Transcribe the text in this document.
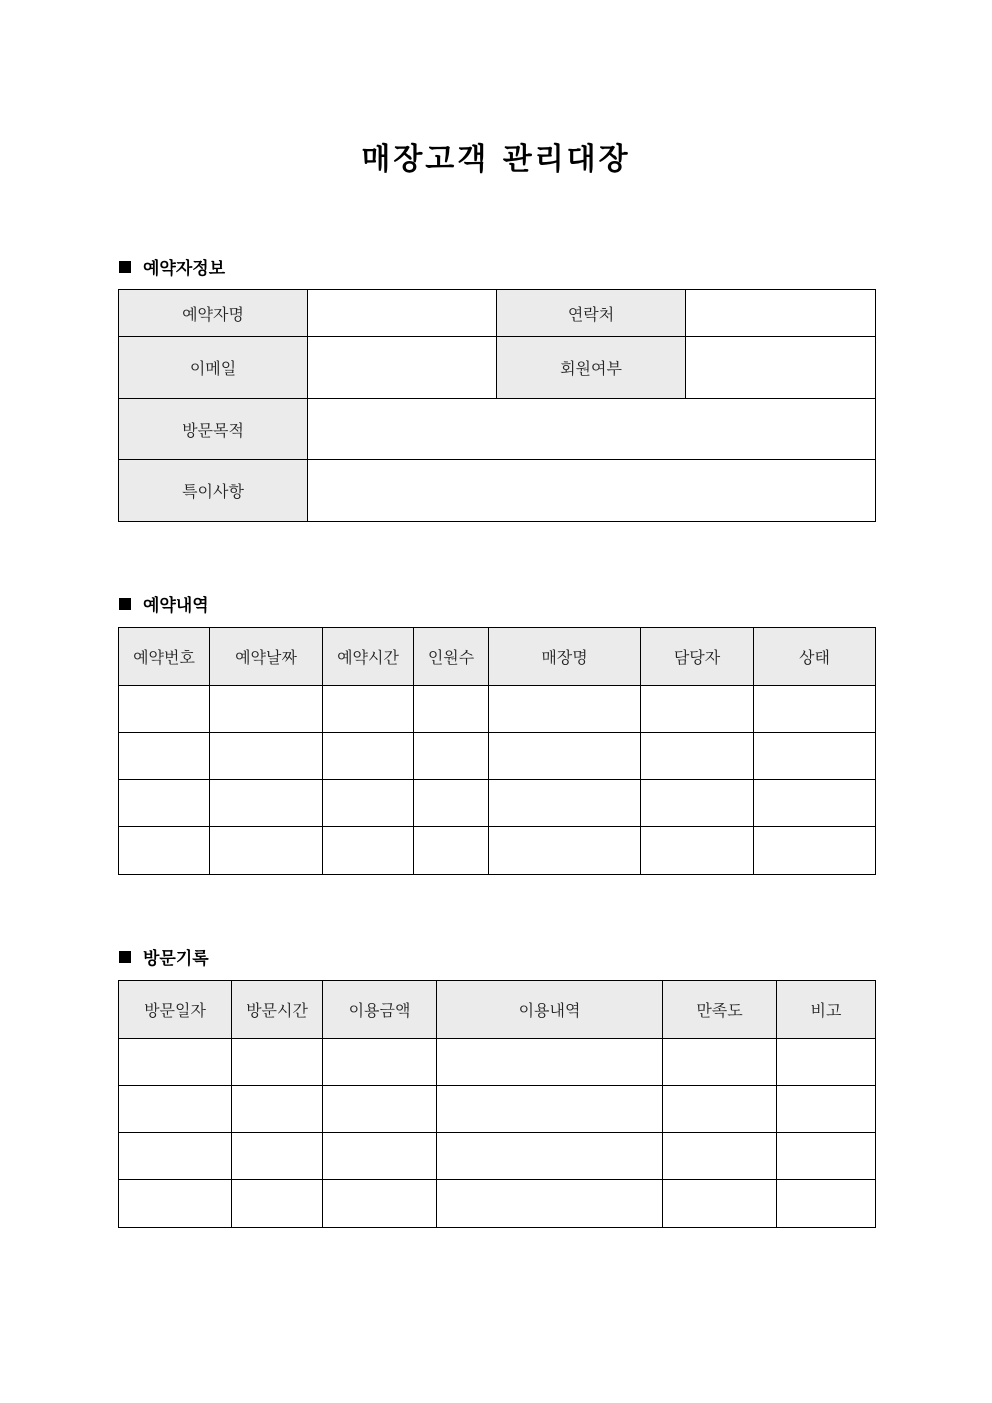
매장고객 관리대장
예약자정보
예약자명		연락처	
이메일		회원여부	
방문목적			
특이사항			
예약내역
예약번호	예약날짜	예약시간	인원수	매장명	담당자	상태

방문기록
방문일자	방문시간	이용금액	이용내역	만족도	비고
